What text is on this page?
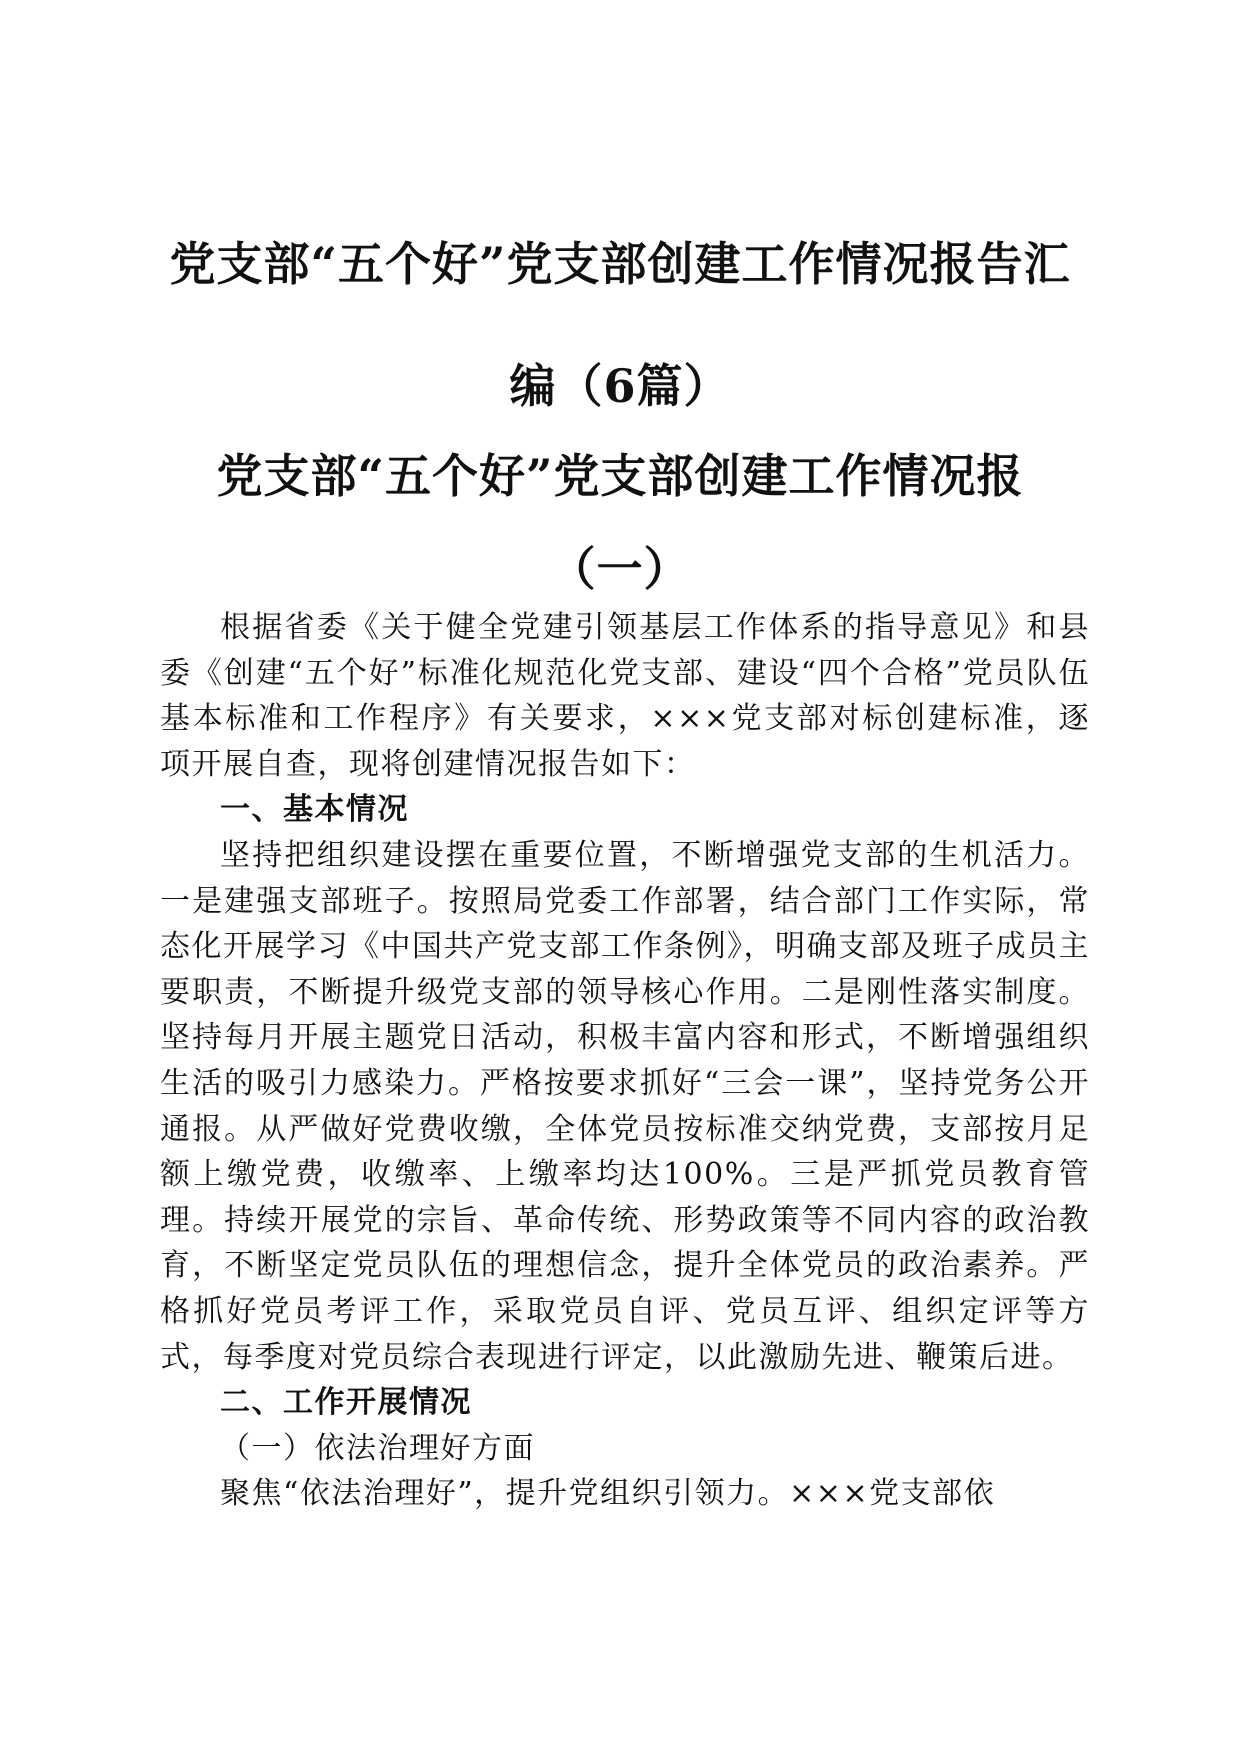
党支部“五个好”党支部创建工作情况报告汇
编（6篇）
党支部“五个好”党支部创建工作情况报
（一）

根据省委《关于健全党建引领基层工作体系的指导意见》和县委《创建“五个好”标准化规范化党支部、建设“四个合格”党员队伍基本标准和工作程序》有关要求，×××党支部对标创建标准，逐项开展自查，现将创建情况报告如下：

一、基本情况

坚持把组织建设摆在重要位置，不断增强党支部的生机活力。一是建强支部班子。按照局党委工作部署，结合部门工作实际，常态化开展学习《中国共产党支部工作条例》，明确支部及班子成员主要职责，不断提升级党支部的领导核心作用。二是刚性落实制度。坚持每月开展主题党日活动，积极丰富内容和形式，不断增强组织生活的吸引力感染力。严格按要求抓好“三会一课”，坚持党务公开通报。从严做好党费收缴，全体党员按标准交纳党费，支部按月足额上缴党费，收缴率、上缴率均达100%。三是严抓党员教育管理。持续开展党的宗旨、革命传统、形势政策等不同内容的政治教育，不断坚定党员队伍的理想信念，提升全体党员的政治素养。严格抓好党员考评工作，采取党员自评、党员互评、组织定评等方式，每季度对党员综合表现进行评定，以此激励先进、鞭策后进。

二、工作开展情况
（一）依法治理好方面

聚焦“依法治理好”，提升党组织引领力。×××党支部依
